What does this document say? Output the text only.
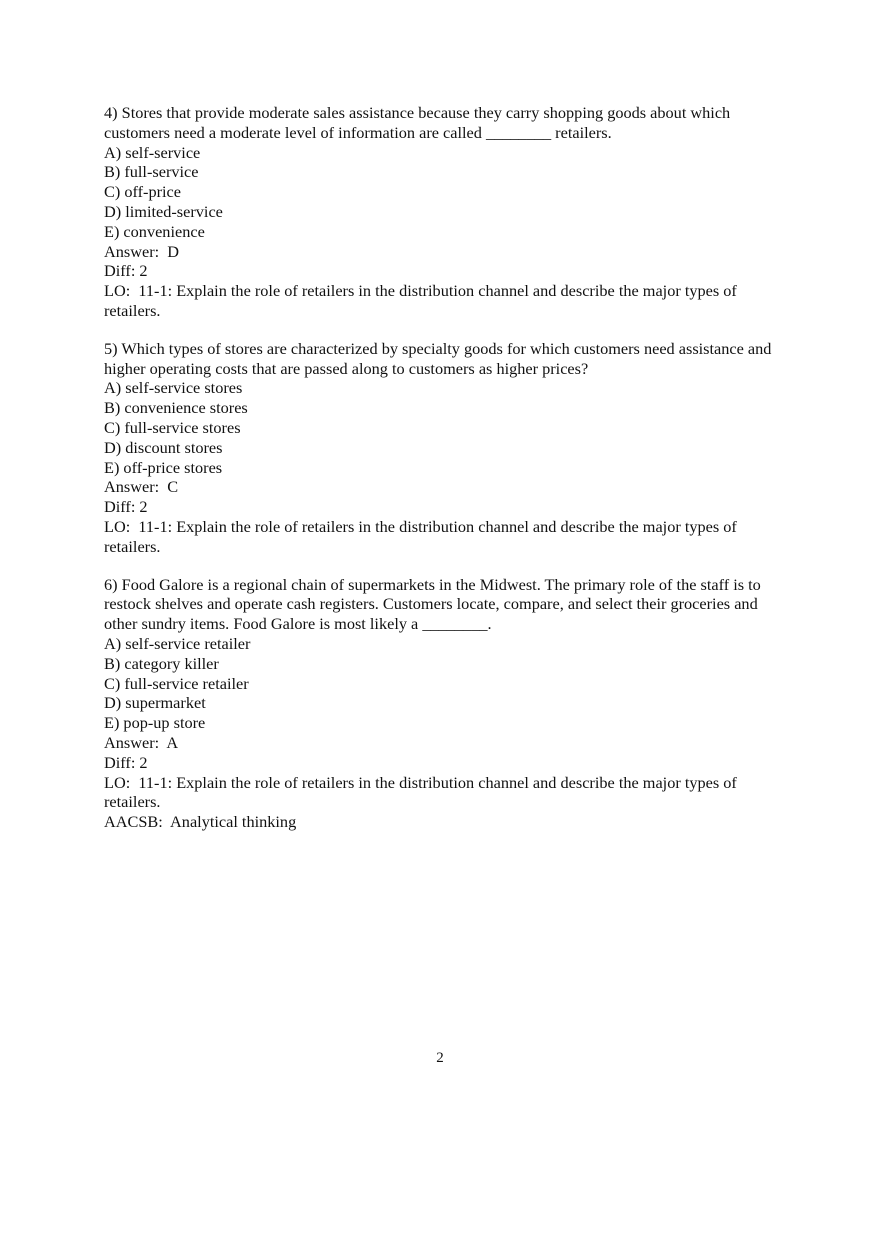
4) Stores that provide moderate sales assistance because they carry shopping goods about which customers need a moderate level of information are called ________ retailers.
A) self-service
B) full-service
C) off-price
D) limited-service
E) convenience
Answer:  D
Diff: 2
LO:  11-1: Explain the role of retailers in the distribution channel and describe the major types of retailers.
5) Which types of stores are characterized by specialty goods for which customers need assistance and higher operating costs that are passed along to customers as higher prices?
A) self-service stores
B) convenience stores
C) full-service stores
D) discount stores
E) off-price stores
Answer:  C
Diff: 2
LO:  11-1: Explain the role of retailers in the distribution channel and describe the major types of retailers.
6) Food Galore is a regional chain of supermarkets in the Midwest. The primary role of the staff is to restock shelves and operate cash registers. Customers locate, compare, and select their groceries and other sundry items. Food Galore is most likely a ________.
A) self-service retailer
B) category killer
C) full-service retailer
D) supermarket
E) pop-up store
Answer:  A
Diff: 2
LO:  11-1: Explain the role of retailers in the distribution channel and describe the major types of retailers.
AACSB:  Analytical thinking
2
